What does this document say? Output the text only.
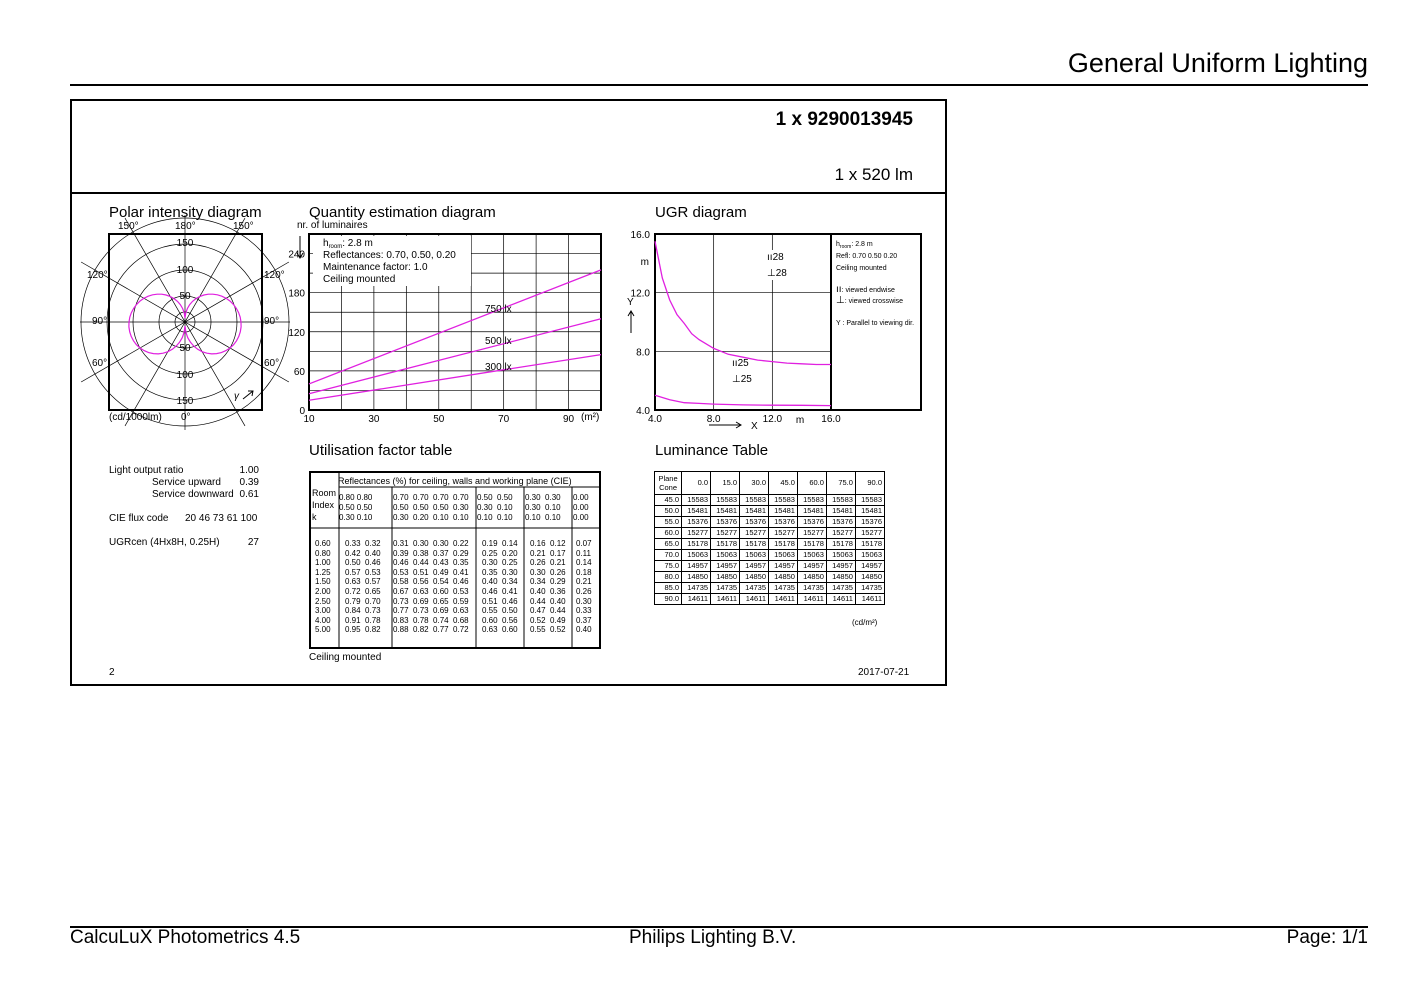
General Uniform Lighting
1 x 9290013945
1 x 520 lm
Polar intensity diagram	Quantity estimation diagram	UGR diagram
Utilisation factor table	Luminance Table
150°	180°	150°
120°	120°
90°	90°
60°	60°
150
100
50
50
100
150	γ
(cd/1000lm) 0°
nr. of luminaires
0
60
120
180
240
10	30	50	70	90
750 lx
500 lx
300 lx
$h_{room}$: 2.8 m
Reflectances: 0.70, 0.50, 0.20
Maintenance factor: 1.0
Ceiling mounted
(m²)
16.0
12.0
8.0
4.0
4.0	8.0	12.0	16.0
m
Y
ıı28
⊥28
ıı25
⊥25
$h_{room}$: 2.8 m
Refl: 0.70 0.50 0.20
Ceiling mounted
ıı: viewed endwise
⊥: viewed crosswise
Y : Parallel to viewing dir.
m
X
Light output ratio	1.00
Service upward	0.39
Service downward 0.61
CIE flux code 20 46 73 61 100
UGRcen (4Hx8H, 0.25H)	27
Reflectances (%) for ceiling, walls and working plane (CIE)
Room
Index
k
0.80 0.80	0.70  0.70  0.70  0.70 0.50  0.50 0.30  0.30 0.00
0.50 0.50	0.50  0.50  0.50  0.30 0.30  0.10 0.30  0.10 0.00
0.30 0.10	0.30  0.20  0.10  0.10 0.10  0.10 0.10  0.10 0.00
0.60 0.33  0.32 0.31  0.30  0.30  0.22 0.19  0.14 0.16  0.12 0.07
0.80 0.42  0.40 0.39  0.38  0.37  0.29 0.25  0.20 0.21  0.17 0.11
1.00 0.50  0.46 0.46  0.44  0.43  0.35 0.30  0.25 0.26  0.21 0.14
1.25 0.57  0.53 0.53  0.51  0.49  0.41 0.35  0.30 0.30  0.26 0.18
1.50 0.63  0.57 0.58  0.56  0.54  0.46 0.40  0.34 0.34  0.29 0.21
2.00 0.72  0.65 0.67  0.63  0.60  0.53 0.46  0.41 0.40  0.36 0.26
2.50 0.79  0.70 0.73  0.69  0.65  0.59 0.51  0.46 0.44  0.40 0.30
3.00 0.84  0.73 0.77  0.73  0.69  0.63 0.55  0.50 0.47  0.44 0.33
4.00 0.91  0.78 0.83  0.78  0.74  0.68 0.60  0.56 0.52  0.49 0.37
5.00 0.95  0.82 0.88  0.82  0.77  0.72 0.63  0.60 0.55  0.52 0.40
Ceiling mounted
Plane
Cone	0.0	15.0	30.0	45.0	60.0	75.0	90.0
45.0	15583	15583	15583	15583	15583	15583	15583
50.0	15481	15481	15481	15481	15481	15481	15481
55.0	15376	15376	15376	15376	15376	15376	15376
60.0	15277	15277	15277	15277	15277	15277	15277
65.0	15178	15178	15178	15178	15178	15178	15178
70.0	15063	15063	15063	15063	15063	15063	15063
75.0	14957	14957	14957	14957	14957	14957	14957
80.0	14850	14850	14850	14850	14850	14850	14850
85.0	14735	14735	14735	14735	14735	14735	14735
90.0	14611	14611	14611	14611	14611	14611	14611
(cd/m²)
2	2017-07-21
CalcuLuX Photometrics 4.5	Philips Lighting B.V.	Page: 1/1
